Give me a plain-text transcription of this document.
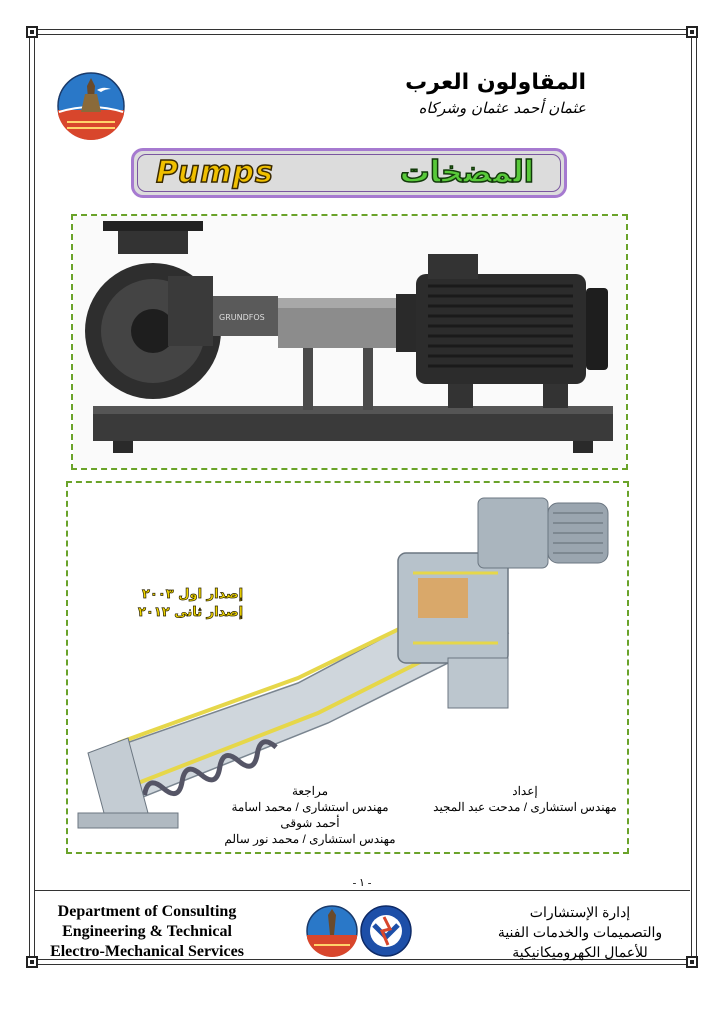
المقاولون العرب
عثمان أحمد عثمان وشركاه
Pumps	المضخات
GRUNDFOS
إصدار اول ٢٠٠٣
إصدار ثانى ٢٠١٢
مراجعة
مهندس استشارى / محمد اسامة أحمد شوقى
مهندس استشارى / محمد نور سالم
إعداد
مهندس استشارى / مدحت عبد المجيد
- ١ -
Department of Consulting
Engineering & Technical
Electro-Mechanical Services
إدارة الإستشارات
والتصميمات والخدمات الفنية
للأعمال الكهروميكانيكية
